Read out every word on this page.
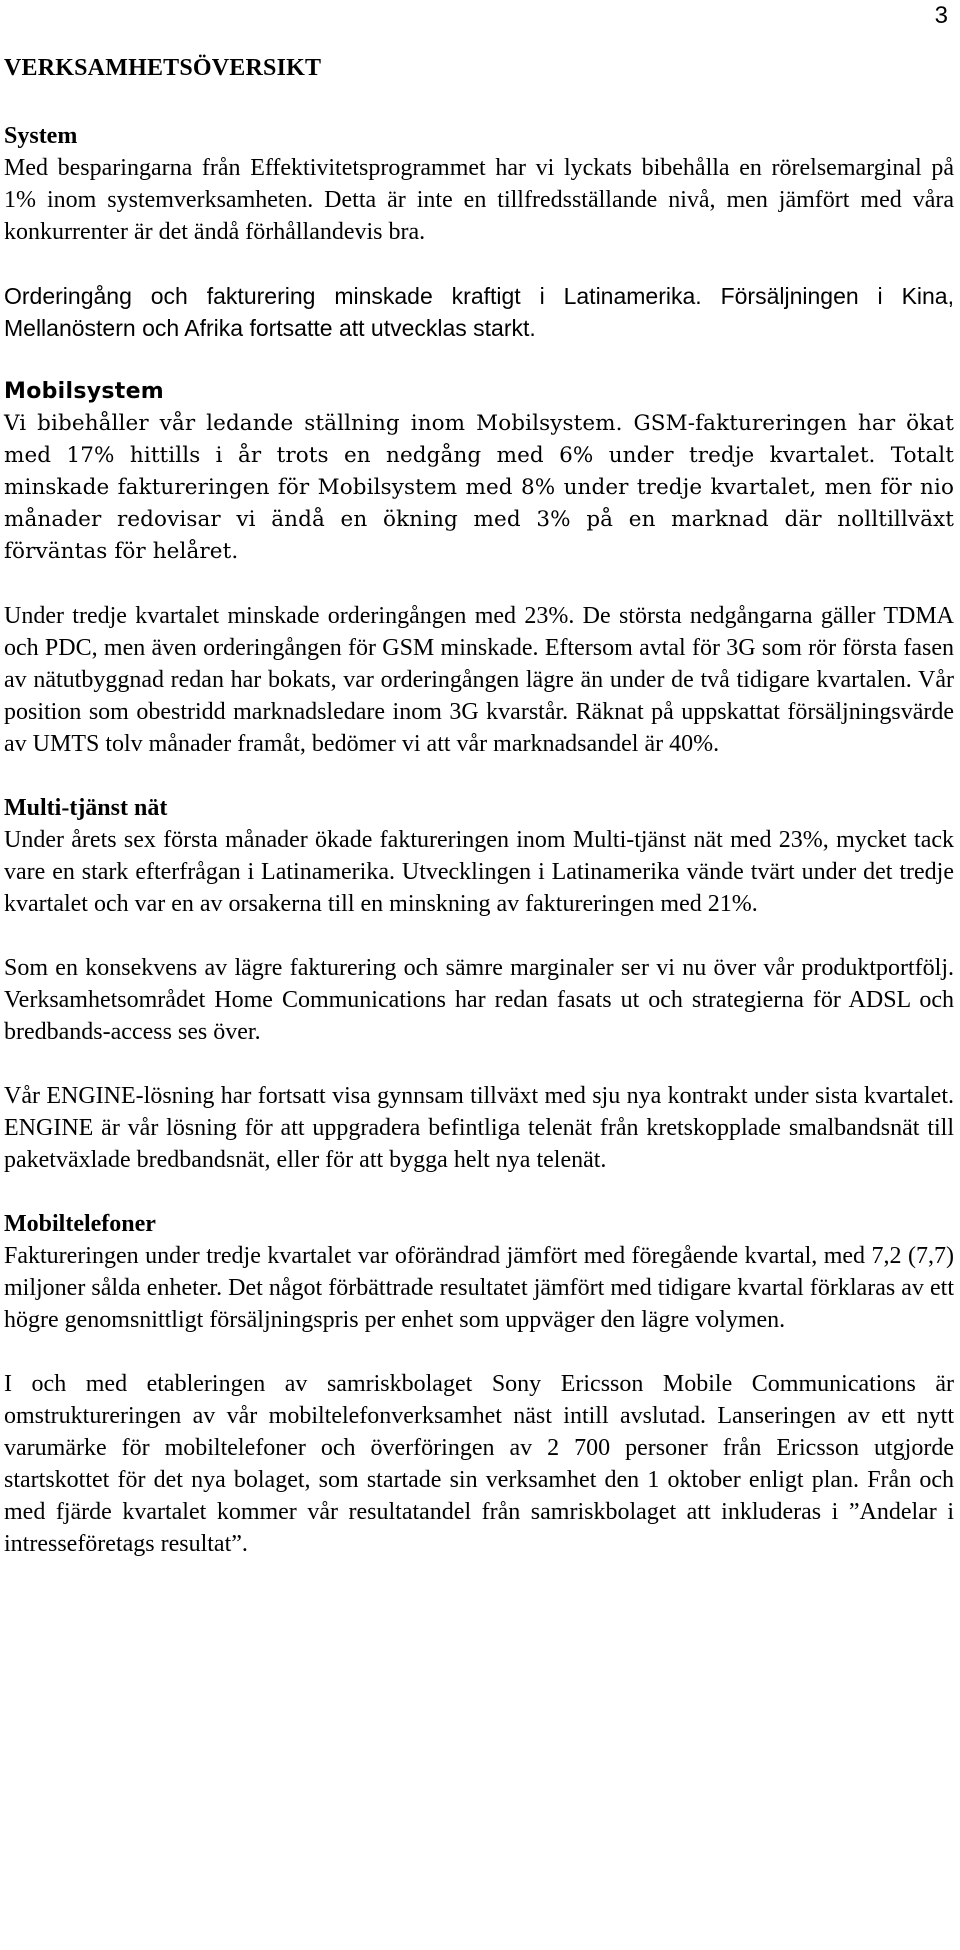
3
VERKSAMHETSÖVERSIKT
System

Med besparingarna från Effektivitetsprogrammet har vi lyckats bibehålla en rörelsemarginal på 1% inom systemverksamheten. Detta är inte en tillfredsställande nivå, men jämfört med våra konkurrenter är det ändå förhållandevis bra.

Orderingång och fakturering minskade kraftigt i Latinamerika. Försäljningen i Kina, Mellanöstern och Afrika fortsatte att utvecklas starkt.

Mobilsystem

Vi bibehåller vår ledande ställning inom Mobilsystem. GSM-faktureringen har ökat med 17% hittills i år trots en nedgång med 6% under tredje kvartalet. Totalt minskade faktureringen för Mobilsystem med 8% under tredje kvartalet, men för nio månader redovisar vi ändå en ökning med 3% på en marknad där nolltillväxt förväntas för helåret.

Under tredje kvartalet minskade orderingången med 23%. De största nedgångarna gäller TDMA och PDC, men även orderingången för GSM minskade. Eftersom avtal för 3G som rör första fasen av nätutbyggnad redan har bokats, var orderingången lägre än under de två tidigare kvartalen. Vår position som obestridd marknadsledare inom 3G kvarstår. Räknat på uppskattat försäljningsvärde av UMTS tolv månader framåt, bedömer vi att vår marknadsandel är 40%.

Multi-tjänst nät

Under årets sex första månader ökade faktureringen inom Multi-tjänst nät med 23%, mycket tack vare en stark efterfrågan i Latinamerika. Utvecklingen i Latinamerika vände tvärt under det tredje kvartalet och var en av orsakerna till en minskning av faktureringen med 21%.

Som en konsekvens av lägre fakturering och sämre marginaler ser vi nu över vår produktportfölj. Verksamhetsområdet Home Communications har redan fasats ut och strategierna för ADSL och bredbands-access ses över.

Vår ENGINE-lösning har fortsatt visa gynnsam tillväxt med sju nya kontrakt under sista kvartalet. ENGINE är vår lösning för att uppgradera befintliga telenät från kretskopplade smalbandsnät till paketväxlade bredbandsnät, eller för att bygga helt nya telenät.

Mobiltelefoner

Faktureringen under tredje kvartalet var oförändrad jämfört med föregående kvartal, med 7,2 (7,7) miljoner sålda enheter. Det något förbättrade resultatet jämfört med tidigare kvartal förklaras av ett högre genomsnittligt försäljningspris per enhet som uppväger den lägre volymen.

I och med etableringen av samriskbolaget Sony Ericsson Mobile Communications är omstruktureringen av vår mobiltelefonverksamhet näst intill avslutad. Lanseringen av ett nytt varumärke för mobiltelefoner och överföringen av 2 700 personer från Ericsson utgjorde startskottet för det nya bolaget, som startade sin verksamhet den 1 oktober enligt plan. Från och med fjärde kvartalet kommer vår resultatandel från samriskbolaget att inkluderas i ”Andelar i intresseföretags resultat”.
